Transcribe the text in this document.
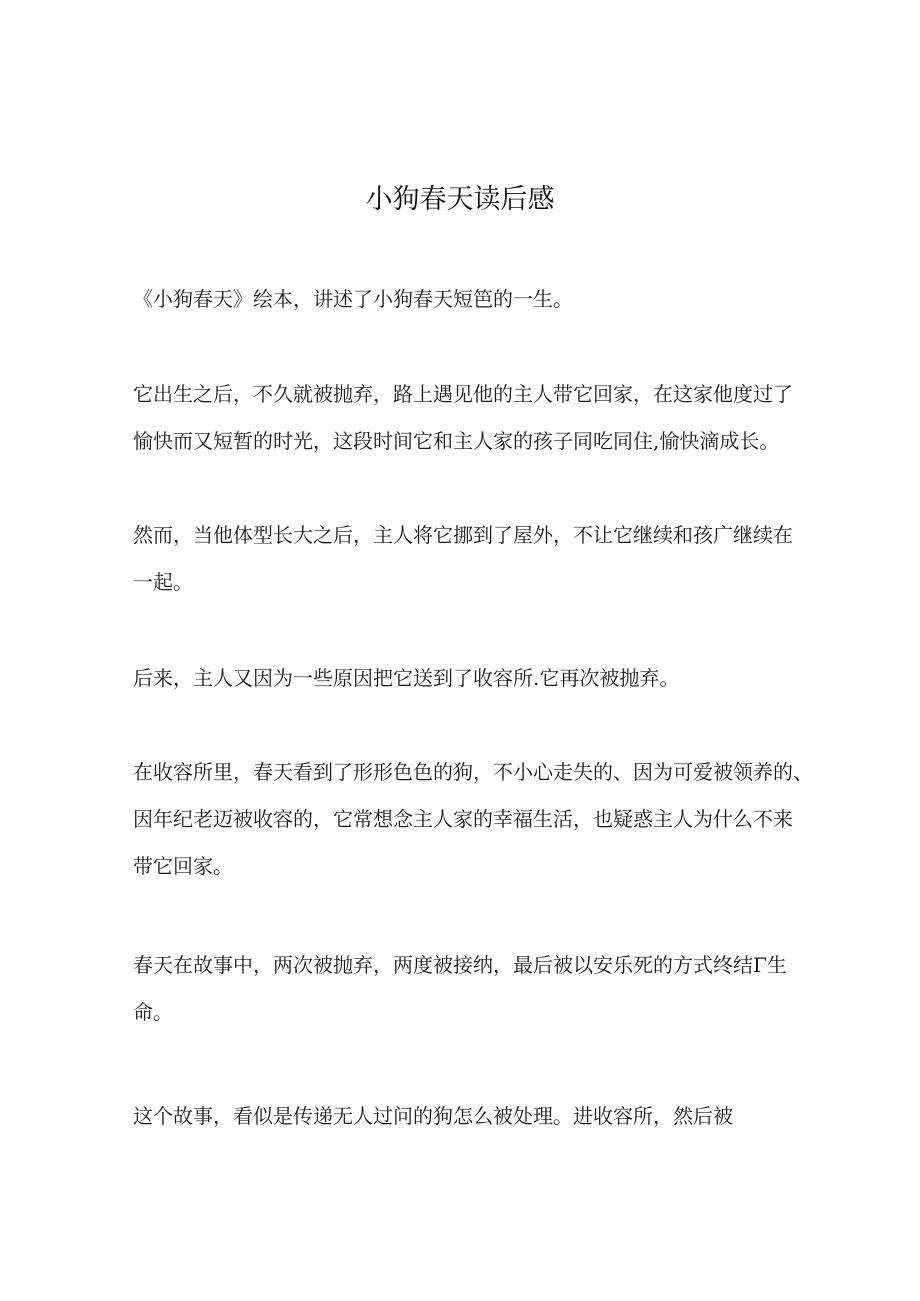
小狗春天读后感

《小狗春天》绘本，讲述了小狗春天短笆的一生。

它出生之后，不久就被抛弃，路上遇见他的主人带它回家，在这家他度过了
愉快而又短暂的时光，这段时间它和主人家的孩子同吃同住,愉快滴成长。

然而，当他体型长大之后，主人将它挪到了屋外，不让它继续和孩广继续在
一起。

后来，主人又因为一些原因把它送到了收容所.它再次被抛弃。

在收容所里，春天看到了形形色色的狗，不小心走失的、因为可爱被领养的、
因年纪老迈被收容的，它常想念主人家的幸福生活，也疑惑主人为什么不来
带它回家。

春天在故事中，两次被抛弃，两度被接纳，最后被以安乐死的方式终结Γ生
命。

这个故事，看似是传递无人过问的狗怎么被处理。进收容所，然后被
